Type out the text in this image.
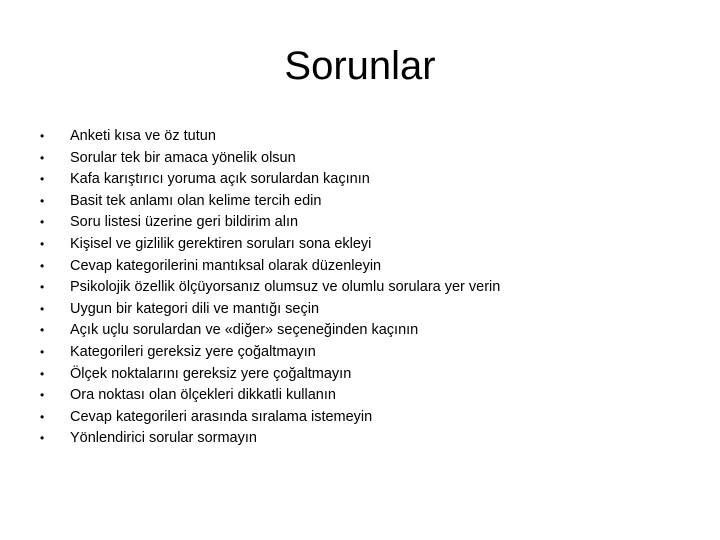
Sorunlar
•	Anketi kısa ve öz tutun
•	Sorular tek bir amaca yönelik olsun
•	Kafa karıştırıcı yoruma açık sorulardan kaçının
•	Basit tek anlamı olan kelime tercih edin
•	Soru listesi üzerine geri bildirim alın
•	Kişisel ve gizlilik gerektiren soruları sona ekleyi
•	Cevap kategorilerini mantıksal olarak düzenleyin
•	Psikolojik özellik ölçüyorsanız olumsuz ve olumlu sorulara yer verin
•	Uygun bir kategori dili ve mantığı seçin
•	Açık uçlu sorulardan ve «diğer» seçeneğinden kaçının
•	Kategorileri gereksiz yere çoğaltmayın
•	Ölçek noktalarını gereksiz yere çoğaltmayın
•	Ora noktası olan ölçekleri dikkatli kullanın
•	Cevap kategorileri arasında sıralama istemeyin
•	Yönlendirici sorular sormayın
